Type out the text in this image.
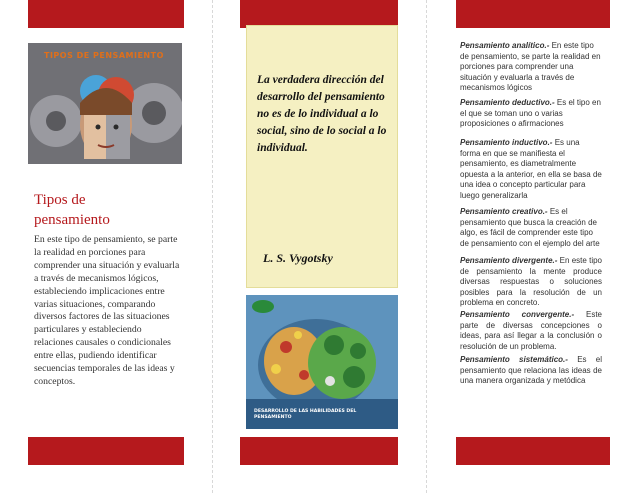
TIPOS DE PENSAMIENTO
Tipos de
pensamiento
En este tipo de pensamiento, se parte la realidad en porciones para comprender una situación y evaluarla a través de mecanismos lógicos, estableciendo implicaciones entre varias situaciones, comparando diversos factores de las situaciones particulares y estableciendo relaciones causales o condicionales entre ellas, pudiendo identificar secuencias temporales de las ideas y conceptos.
La verdadera dirección del desarrollo del pensamiento no es de lo individual a lo social, sino de lo social a lo individual.
L. S. Vygotsky
DESARROLLO DE LAS HABILIDADES DEL PENSAMIENTO
Pensamiento analítico.- En este tipo de pensamiento, se parte la realidad en porciones para comprender una situación y evaluarla a través de mecanismos lógicos
Pensamiento deductivo.- Es el tipo en el que se toman uno o varias proposiciones o afirmaciones
Pensamiento inductivo.- Es una forma en que se manifiesta el pensamiento, es diametralmente opuesta a la anterior, en ella se basa de una idea o concepto particular para luego generalizarla
Pensamiento creativo.- Es el pensamiento que busca la creación de algo, es fácil de comprender este tipo de pensamiento con el ejemplo del arte
Pensamiento divergente.- En este tipo de pensamiento la mente produce diversas respuestas o soluciones posibles para la resolución de un problema en concreto.
Pensamiento convergente.- Este parte de diversas concepciones o ideas, para así llegar a la conclusión o resolución de un problema.
Pensamiento sistemático.- Es el pensamiento que relaciona las ideas de una manera organizada y metódica
